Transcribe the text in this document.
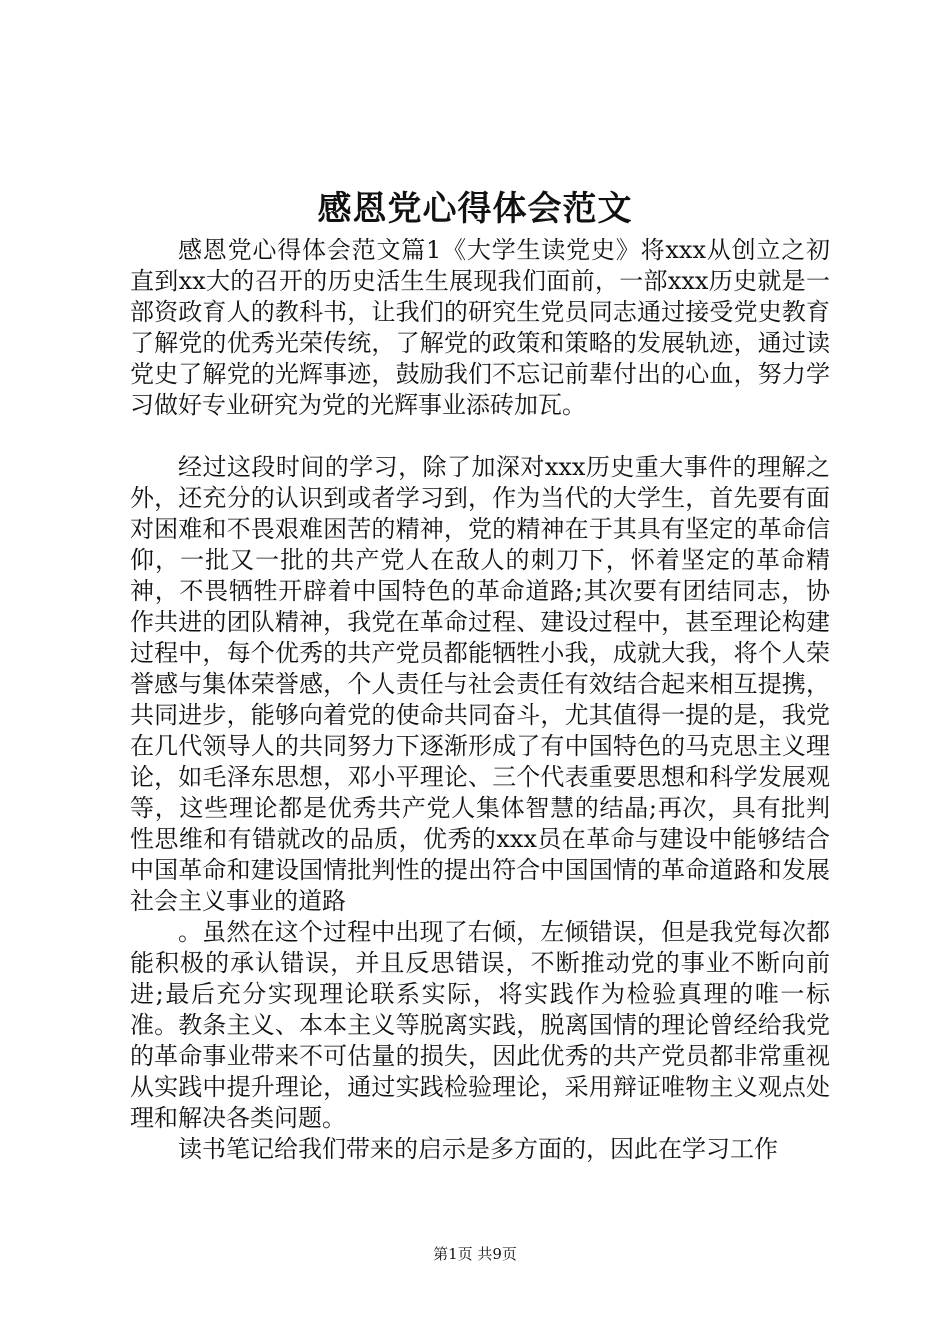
感恩党心得体会范文

感恩党心得体会范文篇1《大学生读党史》将xxx从创立之初直到xx大的召开的历史活生生展现我们面前，一部xxx历史就是一部资政育人的教科书，让我们的研究生党员同志通过接受党史教育了解党的优秀光荣传统，了解党的政策和策略的发展轨迹，通过读党史了解党的光辉事迹，鼓励我们不忘记前辈付出的心血，努力学习做好专业研究为党的光辉事业添砖加瓦。

经过这段时间的学习，除了加深对xxx历史重大事件的理解之外，还充分的认识到或者学习到，作为当代的大学生，首先要有面对困难和不畏艰难困苦的精神，党的精神在于其具有坚定的革命信仰，一批又一批的共产党人在敌人的刺刀下，怀着坚定的革命精神，不畏牺牲开辟着中国特色的革命道路;其次要有团结同志，协作共进的团队精神，我党在革命过程、建设过程中，甚至理论构建过程中，每个优秀的共产党员都能牺牲小我，成就大我，将个人荣誉感与集体荣誉感，个人责任与社会责任有效结合起来相互提携，共同进步，能够向着党的使命共同奋斗，尤其值得一提的是，我党在几代领导人的共同努力下逐渐形成了有中国特色的马克思主义理论，如毛泽东思想，邓小平理论、三个代表重要思想和科学发展观等，这些理论都是优秀共产党人集体智慧的结晶;再次，具有批判性思维和有错就改的品质，优秀的xxx员在革命与建设中能够结合中国革命和建设国情批判性的提出符合中国国情的革命道路和发展社会主义事业的道路

。虽然在这个过程中出现了右倾，左倾错误，但是我党每次都能积极的承认错误，并且反思错误，不断推动党的事业不断向前进;最后充分实现理论联系实际，将实践作为检验真理的唯一标准。教条主义、本本主义等脱离实践，脱离国情的理论曾经给我党的革命事业带来不可估量的损失，因此优秀的共产党员都非常重视从实践中提升理论，通过实践检验理论，采用辩证唯物主义观点处理和解决各类问题。

读书笔记给我们带来的启示是多方面的，因此在学习工作

第1页 共9页
